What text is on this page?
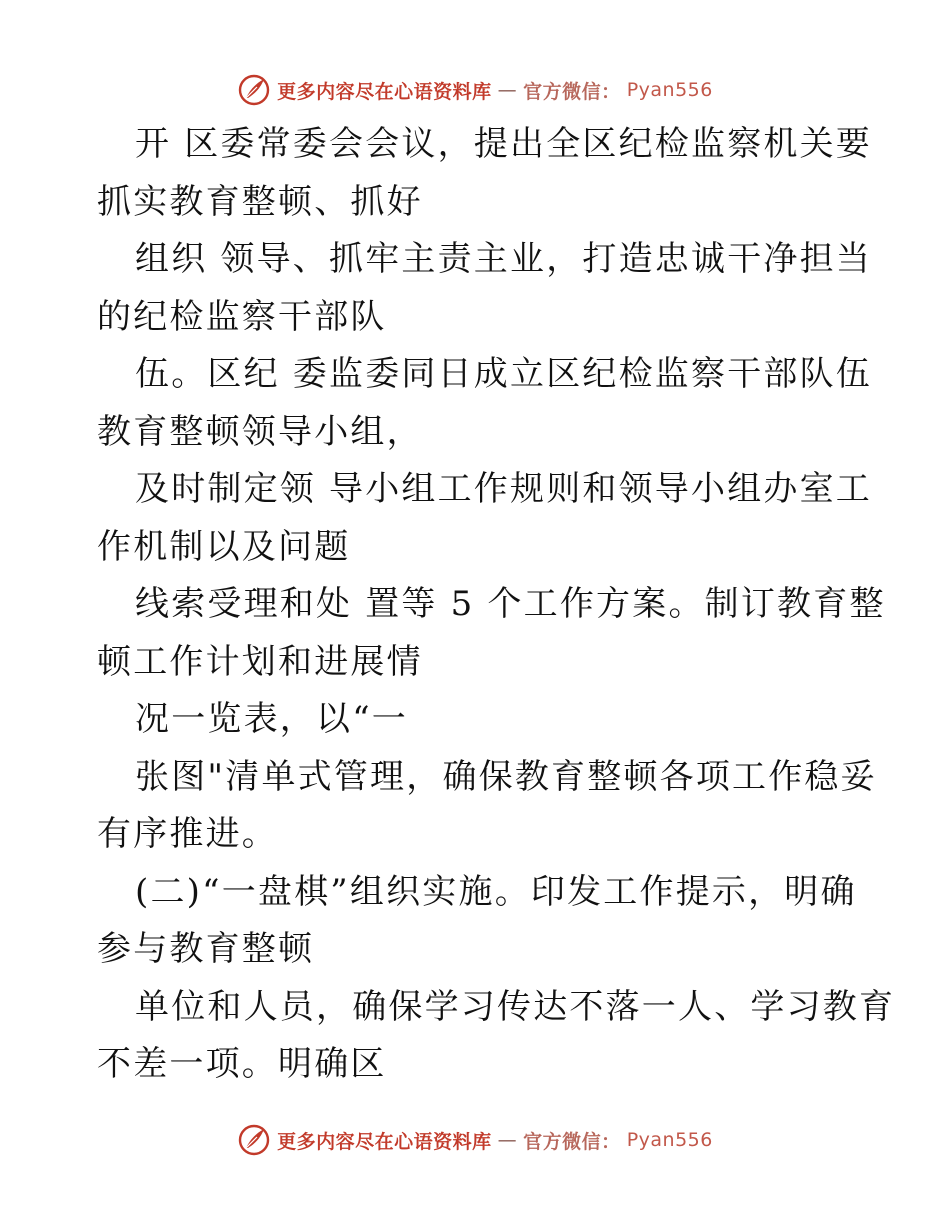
更多内容尽在心语资料库 — 官方微信： Pyan556
开 区委常委会会议，提出全区纪检监察机关要
抓实教育整顿、抓好
组织 领导、抓牢主责主业，打造忠诚干净担当
的纪检监察干部队
伍。区纪 委监委同日成立区纪检监察干部队伍
教育整顿领导小组，
及时制定领 导小组工作规则和领导小组办室工
作机制以及问题
线索受理和处 置等 5 个工作方案。制订教育整
顿工作计划和进展情
况一览表，以“一
张图"清单式管理，确保教育整顿各项工作稳妥
有序推进。
(二)“一盘棋”组织实施。印发工作提示，明确
参与教育整顿
单位和人员，确保学习传达不落一人、学习教育
不差一项。明确区
更多内容尽在心语资料库 — 官方微信： Pyan556
